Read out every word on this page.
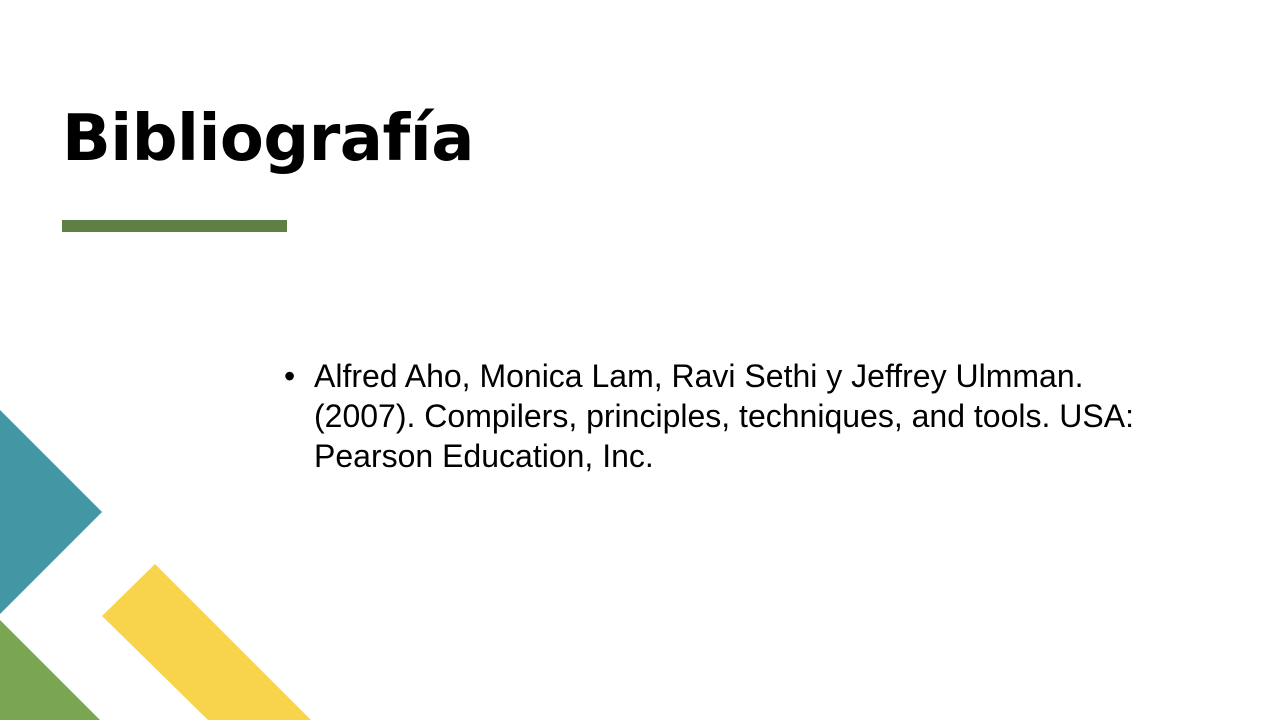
Bibliografía
• Alfred Aho, Monica Lam, Ravi Sethi y Jeffrey Ulmman. (2007). Compilers, principles, techniques, and tools. USA: Pearson Education, Inc.
